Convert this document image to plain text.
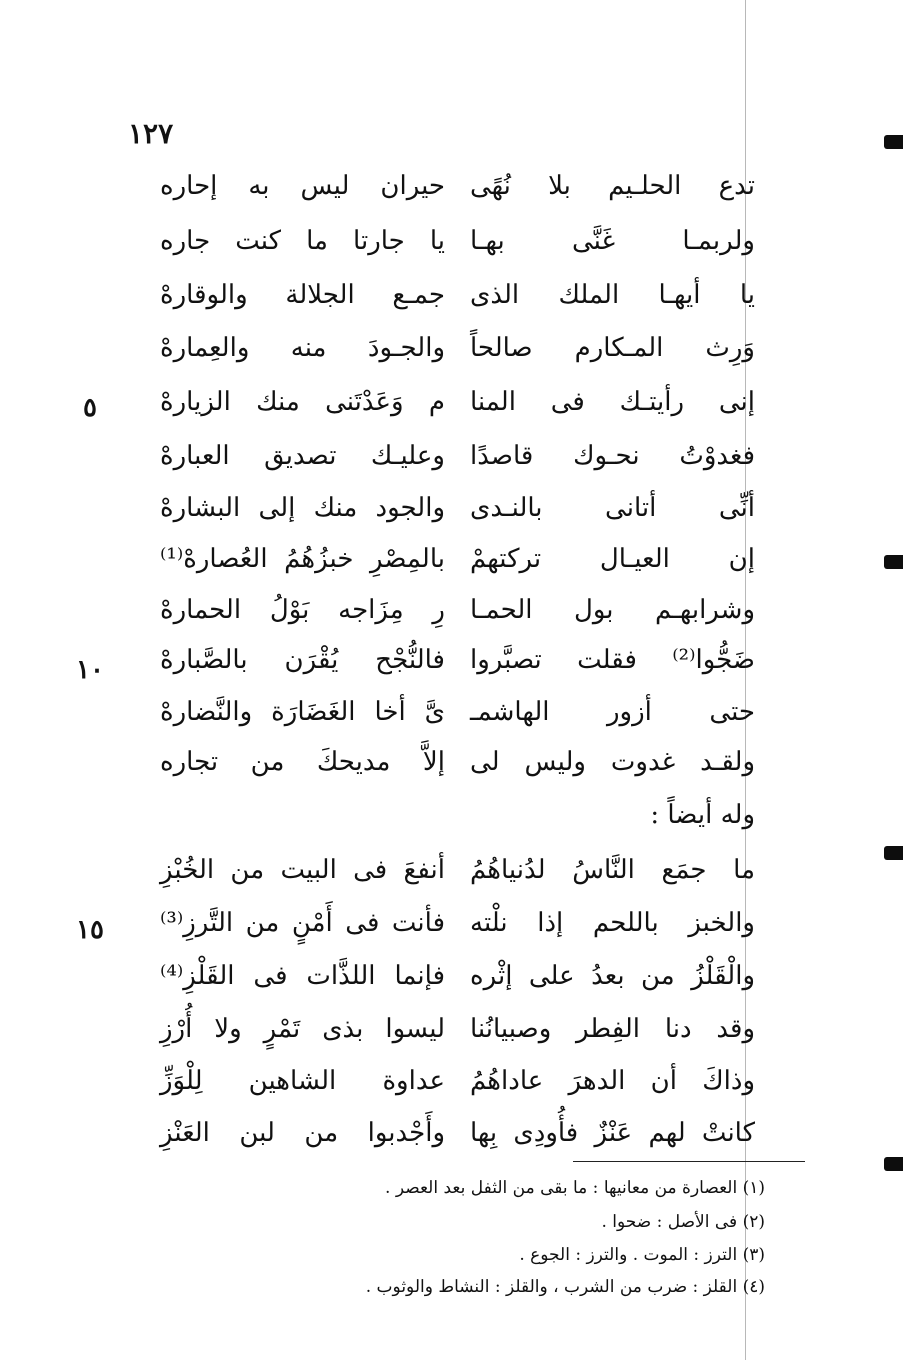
١٢٧
تدع الحلـيم بلا نُهًى
حيران ليس به إحاره
ولربمـا غَنَّى بهـا
يا جارتا ما كنت جاره
يا أيهـا الملك الذى
جمـع الجلالة والوقارهْ
وَرِث المـكارم صالحاً
والجـودَ منه والعِمارهْ
إنى رأيتـك فى المنا
م وَعَدْتَنى منك الزيارهْ
فغدوْتُ نحـوك قاصدًا
وعليـك تصديق العبارهْ
أنِّى أتانى بالنـدى
والجود منك إلى البشارهْ
إن العيـال تركتهمْ
بالمِصْرِ خبزُهُمُ العُصارهْ⁽¹⁾
وشرابهـم بول الحمـا
رِ مِزَاجه بَوْلُ الحمارهْ
ضَجُّوا⁽²⁾ فقلت تصبَّروا
فالنُّجْح يُقْرَن بالصَّبارهْ
حتى أزور الهاشمـ
ىَّ أخا الغَضَارَة والنَّضارهْ
ولقـد غدوت وليس لى
إلاَّ مديحكَ من تجاره
وله أيضاً :
ما جمَع النَّاسُ لدُنياهُمُ
أنفعَ فى البيت من الخُبْزِ
والخبز باللحم إذا نلْته
فأنت فى أَمْنٍ من التَّرزِ⁽³⁾
والْقَلْزُ من بعدُ على إثْره
فإنما اللذَّات فى القَلْزِ⁽⁴⁾
وقد دنا الفِطر وصبيانُنا
ليسوا بذى تَمْرٍ ولا أُرْزِ
وذاكَ أن الدهرَ عاداهُمُ
عداوة الشاهين لِلْوَزِّ
كانتْ لهم عَنْزٌ فأُودِى بِها
وأَجْدبوا من لبن العَنْزِ
٥
١٠
١٥
(١) العصارة من معانيها : ما بقى من الثفل بعد العصر .
(٢) فى الأصل : ضحوا .
(٣) الترز : الموت . والترز : الجوع .
(٤) القلز : ضرب من الشرب ، والقلز : النشاط والوثوب .
